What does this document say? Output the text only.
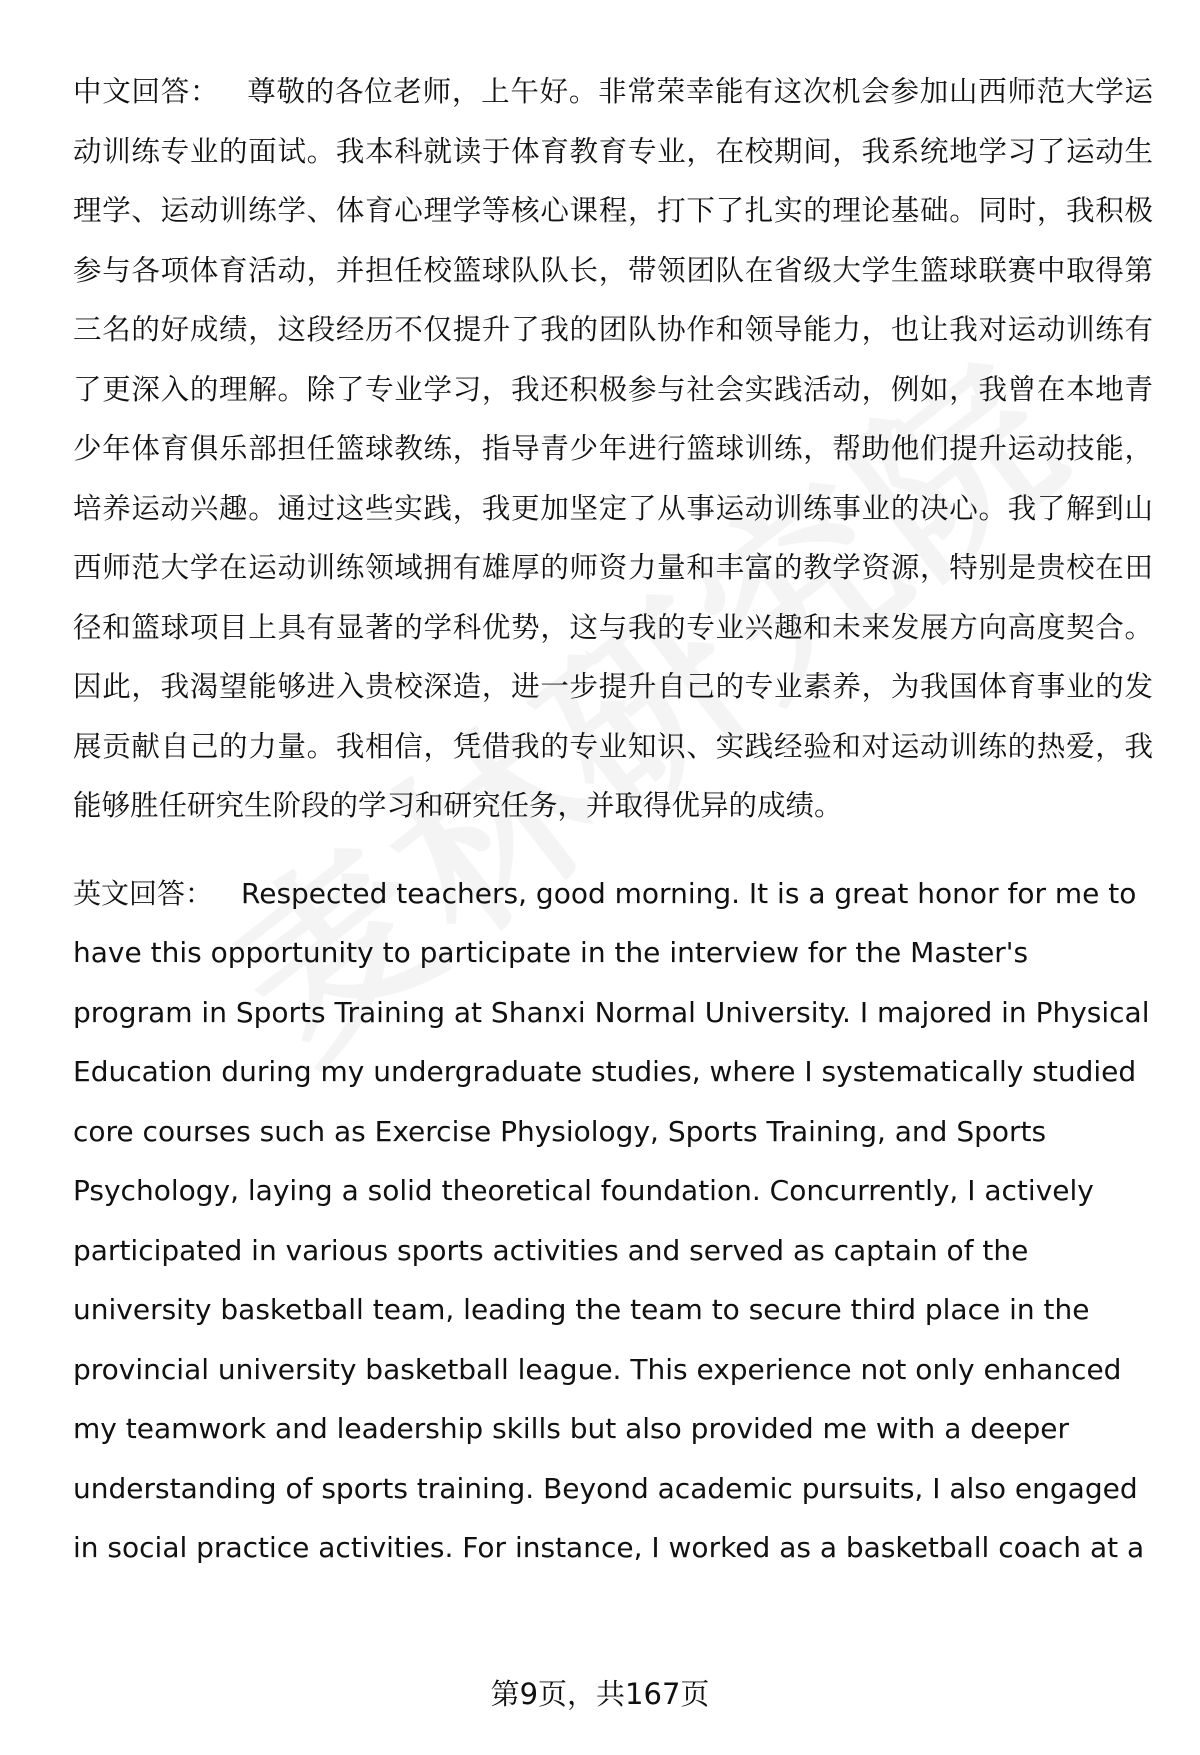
中文回答： 尊敬的各位老师，上午好。非常荣幸能有这次机会参加山西师范大学运动训练专业的面试。我本科就读于体育教育专业，在校期间，我系统地学习了运动生理学、运动训练学、体育心理学等核心课程，打下了扎实的理论基础。同时，我积极参与各项体育活动，并担任校篮球队队长，带领团队在省级大学生篮球联赛中取得第三名的好成绩，这段经历不仅提升了我的团队协作和领导能力，也让我对运动训练有了更深入的理解。除了专业学习，我还积极参与社会实践活动，例如，我曾在本地青少年体育俱乐部担任篮球教练，指导青少年进行篮球训练，帮助他们提升运动技能，培养运动兴趣。通过这些实践，我更加坚定了从事运动训练事业的决心。我了解到山西师范大学在运动训练领域拥有雄厚的师资力量和丰富的教学资源，特别是贵校在田径和篮球项目上具有显著的学科优势，这与我的专业兴趣和未来发展方向高度契合。因此，我渴望能够进入贵校深造，进一步提升自己的专业素养，为我国体育事业的发展贡献自己的力量。我相信，凭借我的专业知识、实践经验和对运动训练的热爱，我能够胜任研究生阶段的学习和研究任务，并取得优异的成绩。

英文回答： Respected teachers, good morning. It is a great honor for me to have this opportunity to participate in the interview for the Master's program in Sports Training at Shanxi Normal University. I majored in Physical Education during my undergraduate studies, where I systematically studied core courses such as Exercise Physiology, Sports Training, and Sports Psychology, laying a solid theoretical foundation. Concurrently, I actively participated in various sports activities and served as captain of the university basketball team, leading the team to secure third place in the provincial university basketball league. This experience not only enhanced my teamwork and leadership skills but also provided me with a deeper understanding of sports training. Beyond academic pursuits, I also engaged in social practice activities. For instance, I worked as a basketball coach at a

第9页，共167页
